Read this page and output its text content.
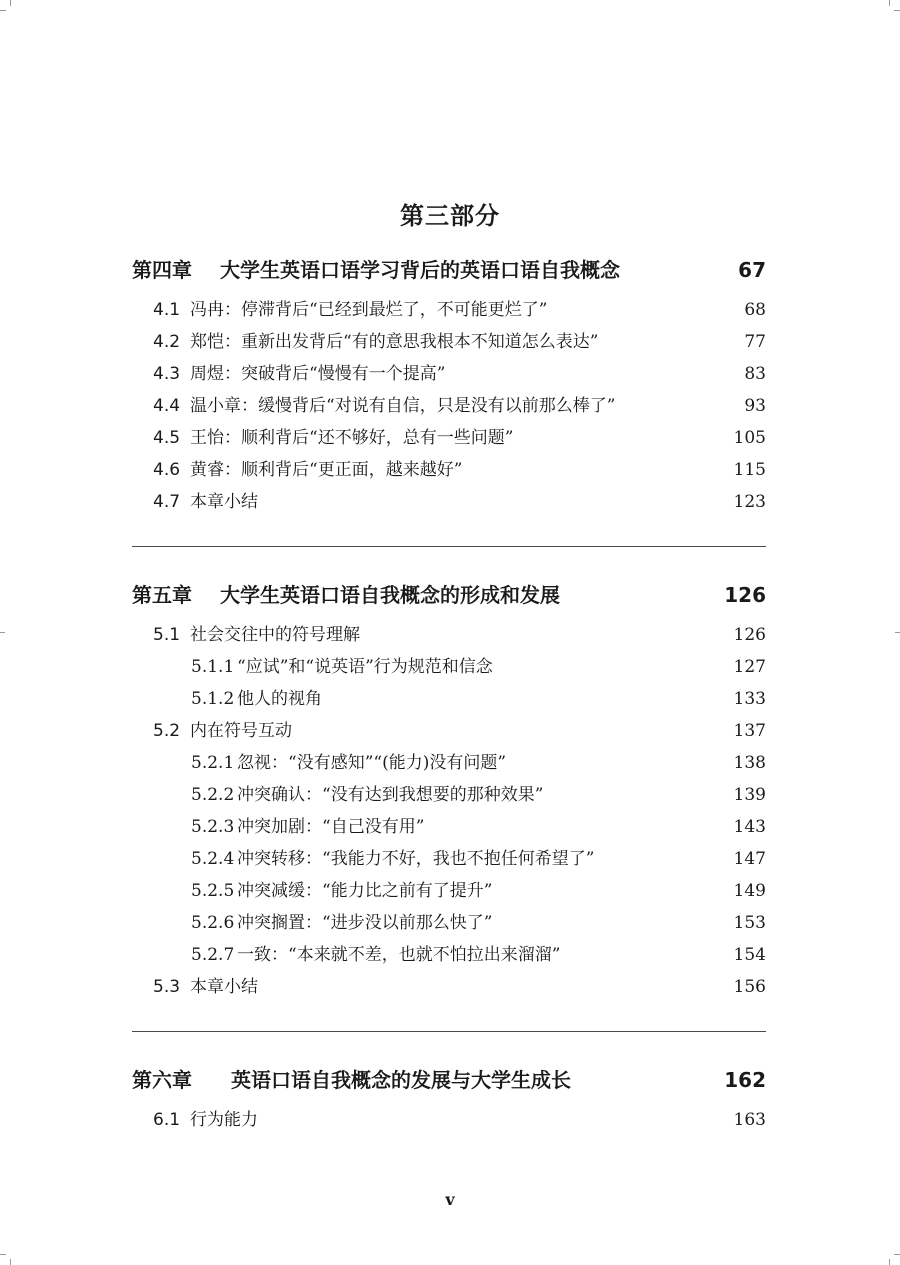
第三部分
第四章 大学生英语口语学习背后的英语口语自我概念	67
4.1 冯冉：停滞背后“已经到最烂了，不可能更烂了”	68
4.2 郑恺：重新出发背后“有的意思我根本不知道怎么表达”	77
4.3 周煜：突破背后“慢慢有一个提高”	83
4.4 温小章：缓慢背后“对说有自信，只是没有以前那么棒了”	93
4.5 王怡：顺利背后“还不够好，总有一些问题”	105
4.6 黄睿：顺利背后“更正面，越来越好”	115
4.7 本章小结	123
第五章 大学生英语口语自我概念的形成和发展	126
5.1 社会交往中的符号理解	126
5.1.1 “应试”和“说英语”行为规范和信念	127
5.1.2 他人的视角	133
5.2 内在符号互动	137
5.2.1 忽视：“没有感知”“(能力)没有问题”	138
5.2.2 冲突确认：“没有达到我想要的那种效果”	139
5.2.3 冲突加剧：“自己没有用”	143
5.2.4 冲突转移：“我能力不好，我也不抱任何希望了”	147
5.2.5 冲突减缓：“能力比之前有了提升”	149
5.2.6 冲突搁置：“进步没以前那么快了”	153
5.2.7 一致：“本来就不差，也就不怕拉出来溜溜”	154
5.3 本章小结	156
第六章 英语口语自我概念的发展与大学生成长	162
6.1 行为能力	163
v
